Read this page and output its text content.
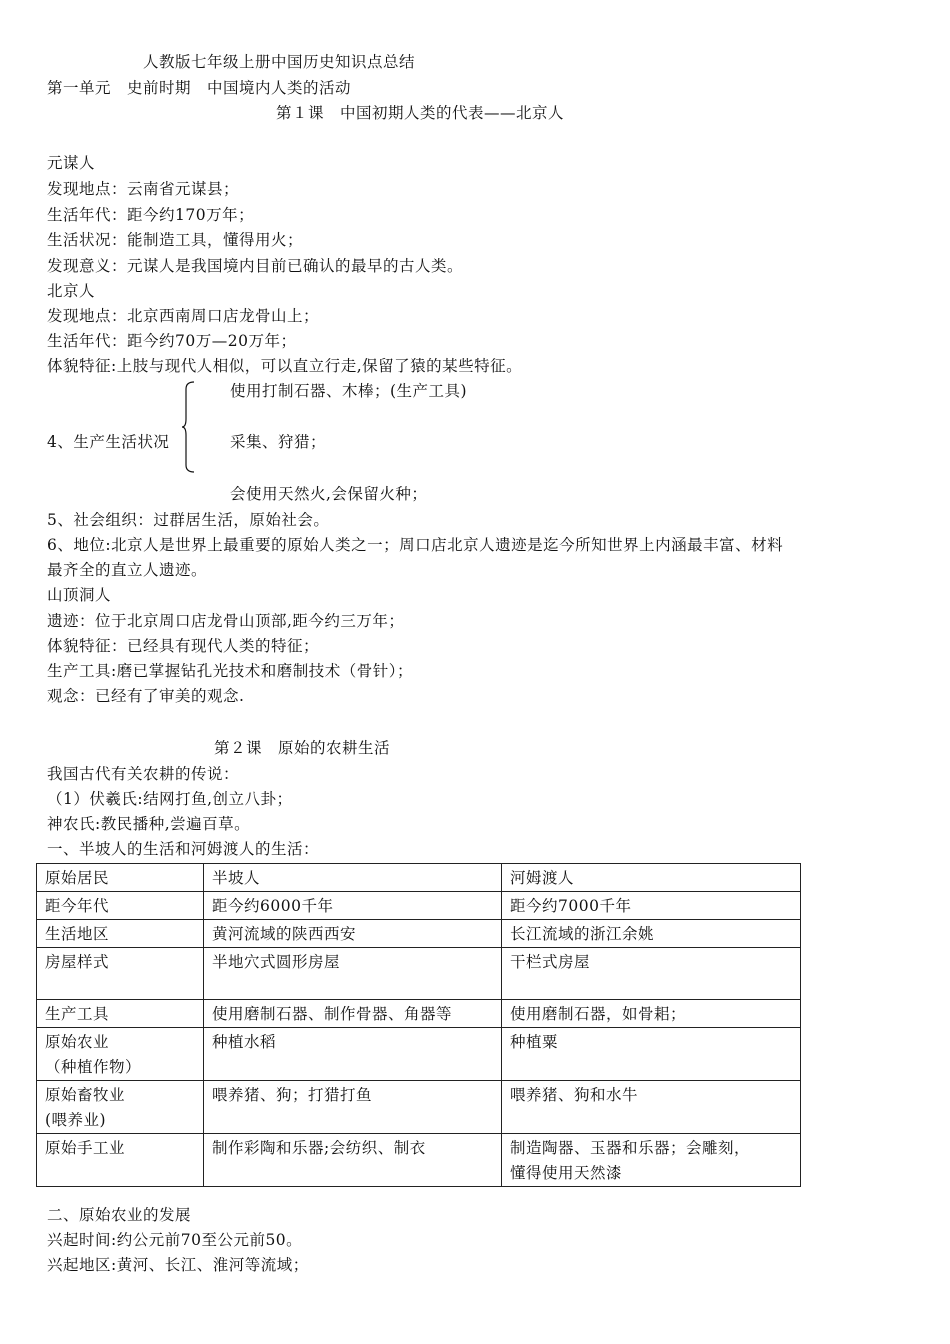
人教版七年级上册中国历史知识点总结
第一单元　史前时期　中国境内人类的活动
第１课　中国初期人类的代表——北京人
元谋人
发现地点：云南省元谋县；
生活年代：距今约170万年；
生活状况：能制造工具，懂得用火；
发现意义：元谋人是我国境内目前已确认的最早的古人类。
北京人
发现地点：北京西南周口店龙骨山上；
生活年代：距今约70万—20万年；
体貌特征:上肢与现代人相似，可以直立行走,保留了猿的某些特征。
4、生产生活状况
使用打制石器、木棒；(生产工具)
采集、狩猎；
会使用天然火,会保留火种；
5、社会组织：过群居生活，原始社会。
6、地位:北京人是世界上最重要的原始人类之一；周口店北京人遗迹是迄今所知世界上内涵最丰富、材料
最齐全的直立人遗迹。
山顶洞人
遗迹：位于北京周口店龙骨山顶部,距今约三万年；
体貌特征：已经具有现代人类的特征；
生产工具:磨已掌握钻孔光技术和磨制技术（骨针）；
观念：已经有了审美的观念.
第２课　原始的农耕生活
我国古代有关农耕的传说：
（1）伏羲氏:结网打鱼,创立八卦；
神农氏:教民播种,尝遍百草。
一、半坡人的生活和河姆渡人的生活：
原始居民	半坡人	河姆渡人

距今年代	距今约6000千年	距今约7000千年

生活地区	黄河流域的陕西西安	长江流域的浙江余姚

房屋样式	半地穴式圆形房屋	干栏式房屋

生产工具	使用磨制石器、制作骨器、角器等	使用磨制石器，如骨耜；

原始农业
（种植作物）	种植水稻	种植粟

原始畜牧业
(喂养业)	喂养猪、狗；打猎打鱼	喂养猪、狗和水牛

原始手工业	制作彩陶和乐器;会纺织、制衣	制造陶器、玉器和乐器；会雕刻，
懂得使用天然漆
二、原始农业的发展
兴起时间:约公元前70至公元前50。
兴起地区:黄河、长江、淮河等流域；
